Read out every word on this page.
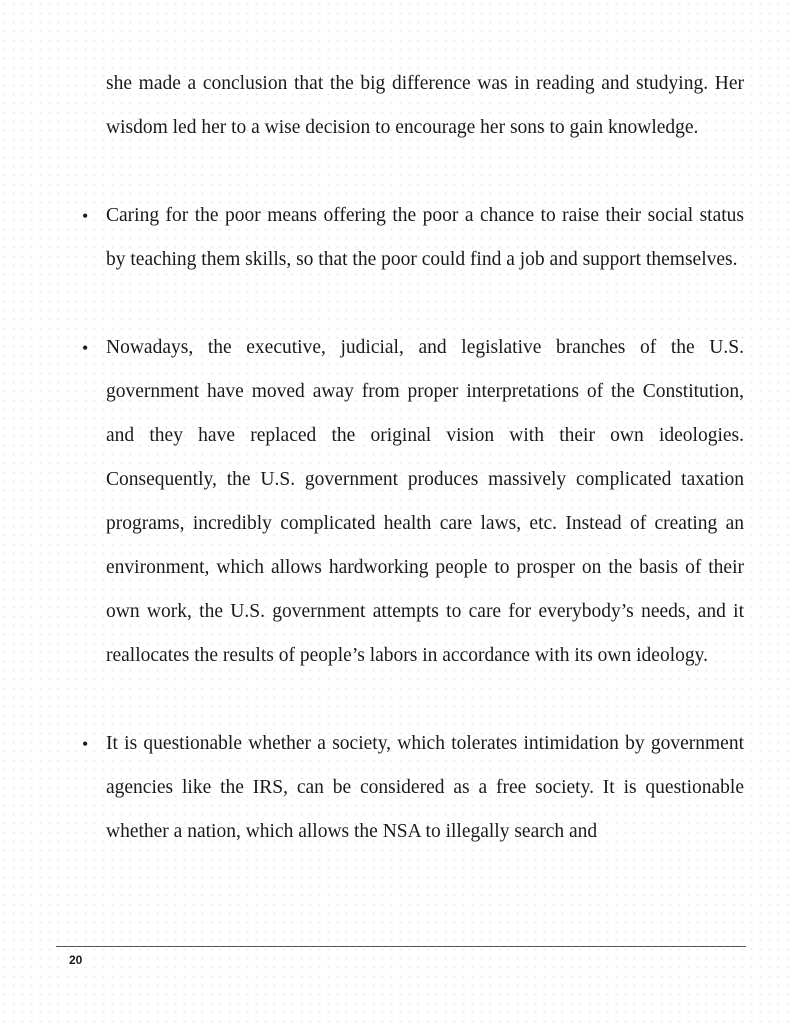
she made a conclusion that the big difference was in reading and studying. Her wisdom led her to a wise decision to encourage her sons to gain knowledge.

• Caring for the poor means offering the poor a chance to raise their social status by teaching them skills, so that the poor could find a job and support themselves.

• Nowadays, the executive, judicial, and legislative branches of the U.S. government have moved away from proper interpretations of the Constitution, and they have replaced the original vision with their own ideologies. Consequently, the U.S. government produces massively complicated taxation programs, incredibly complicated health care laws, etc. Instead of creating an environment, which allows hardworking people to prosper on the basis of their own work, the U.S. government attempts to care for everybody’s needs, and it reallocates the results of people’s labors in accordance with its own ideology.

• It is questionable whether a society, which tolerates intimidation by government agencies like the IRS, can be considered as a free society. It is questionable whether a nation, which allows the NSA to illegally search and

20
